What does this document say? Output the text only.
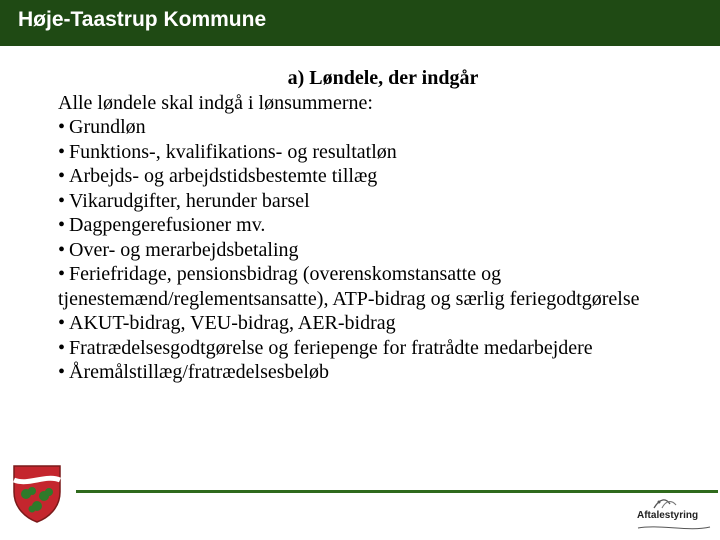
Høje-Taastrup Kommune
a) Løndele, der indgår
Alle løndele skal indgå i lønsummerne:
• Grundløn
• Funktions-, kvalifikations- og resultatløn
• Arbejds- og arbejdstidsbestemte tillæg
• Vikarudgifter, herunder barsel
• Dagpengerefusioner mv.
• Over- og merarbejdsbetaling
• Feriefridage, pensionsbidrag (overenskomstansatte og tjenestemænd/reglementsansatte), ATP-bidrag og særlig feriegodtgørelse
• AKUT-bidrag, VEU-bidrag, AER-bidrag
• Fratrædelsesgodtgørelse og feriepenge for fratrådte medarbejdere
• Åremålstillæg/fratrædelsesbeløb
Aftalestyring
